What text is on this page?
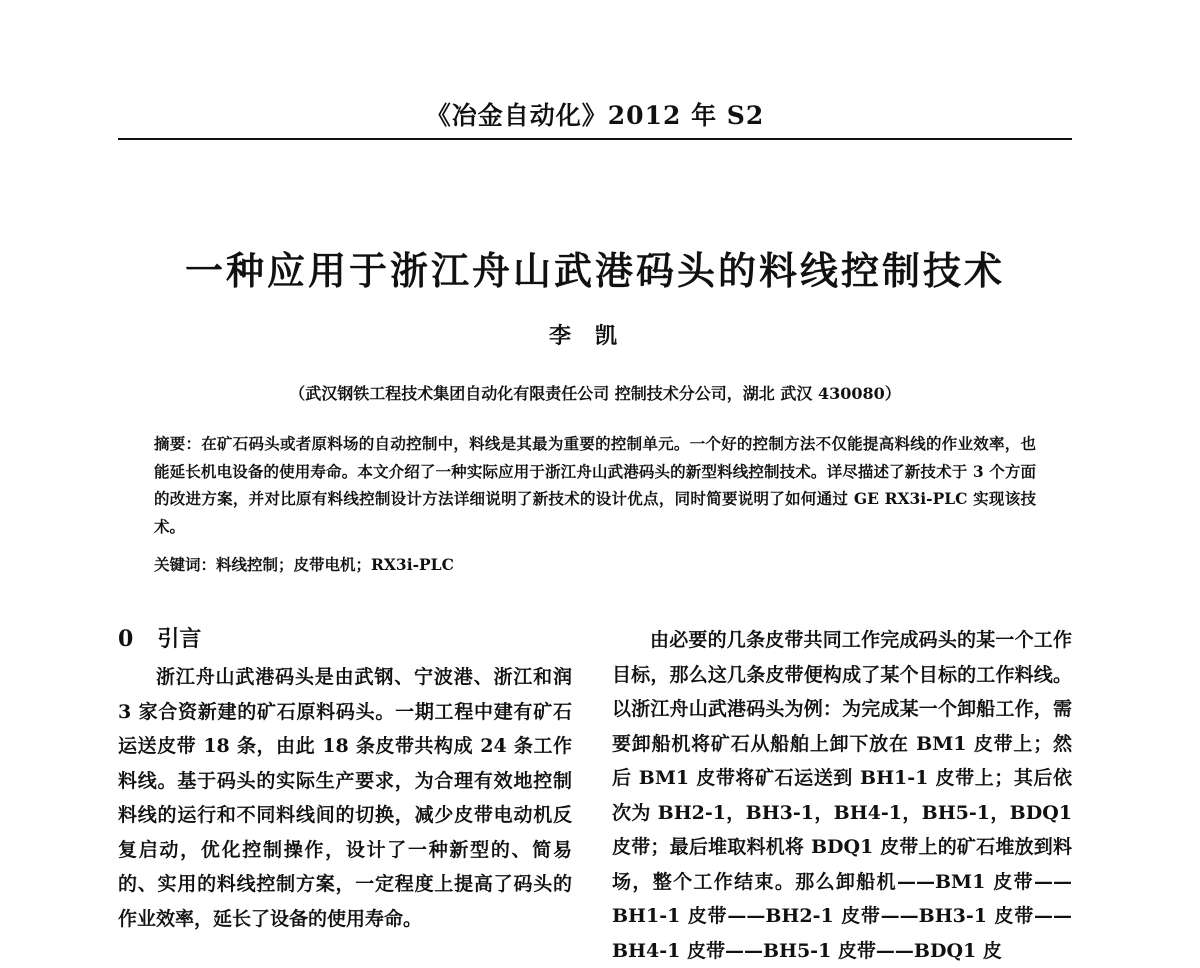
《冶金自动化》2012 年 S2
一种应用于浙江舟山武港码头的料线控制技术
李凯
（武汉钢铁工程技术集团自动化有限责任公司 控制技术分公司，湖北 武汉 430080）
摘要：在矿石码头或者原料场的自动控制中，料线是其最为重要的控制单元。一个好的控制方法不仅能提高料线的作业效率，也能延长机电设备的使用寿命。本文介绍了一种实际应用于浙江舟山武港码头的新型料线控制技术。详尽描述了新技术于 3 个方面的改进方案，并对比原有料线控制设计方法详细说明了新技术的设计优点，同时简要说明了如何通过 GE RX3i-PLC 实现该技术。
关键词：料线控制；皮带电机；RX3i-PLC
0 引言
浙江舟山武港码头是由武钢、宁波港、浙江和润 3 家合资新建的矿石原料码头。一期工程中建有矿石运送皮带 18 条，由此 18 条皮带共构成 24 条工作料线。基于码头的实际生产要求，为合理有效地控制料线的运行和不同料线间的切换，减少皮带电动机反复启动，优化控制操作，设计了一种新型的、简易的、实用的料线控制方案，一定程度上提高了码头的作业效率，延长了设备的使用寿命。
由必要的几条皮带共同工作完成码头的某一个工作目标，那么这几条皮带便构成了某个目标的工作料线。以浙江舟山武港码头为例：为完成某一个卸船工作，需要卸船机将矿石从船舶上卸下放在 BM1 皮带上；然后 BM1 皮带将矿石运送到 BH1-1 皮带上；其后依次为 BH2-1，BH3-1，BH4-1，BH5-1，BDQ1 皮带；最后堆取料机将 BDQ1 皮带上的矿石堆放到料场，整个工作结束。那么卸船机——BM1 皮带——BH1-1 皮带——BH2-1 皮带——BH3-1 皮带——BH4-1 皮带——BH5-1 皮带——BDQ1 皮
